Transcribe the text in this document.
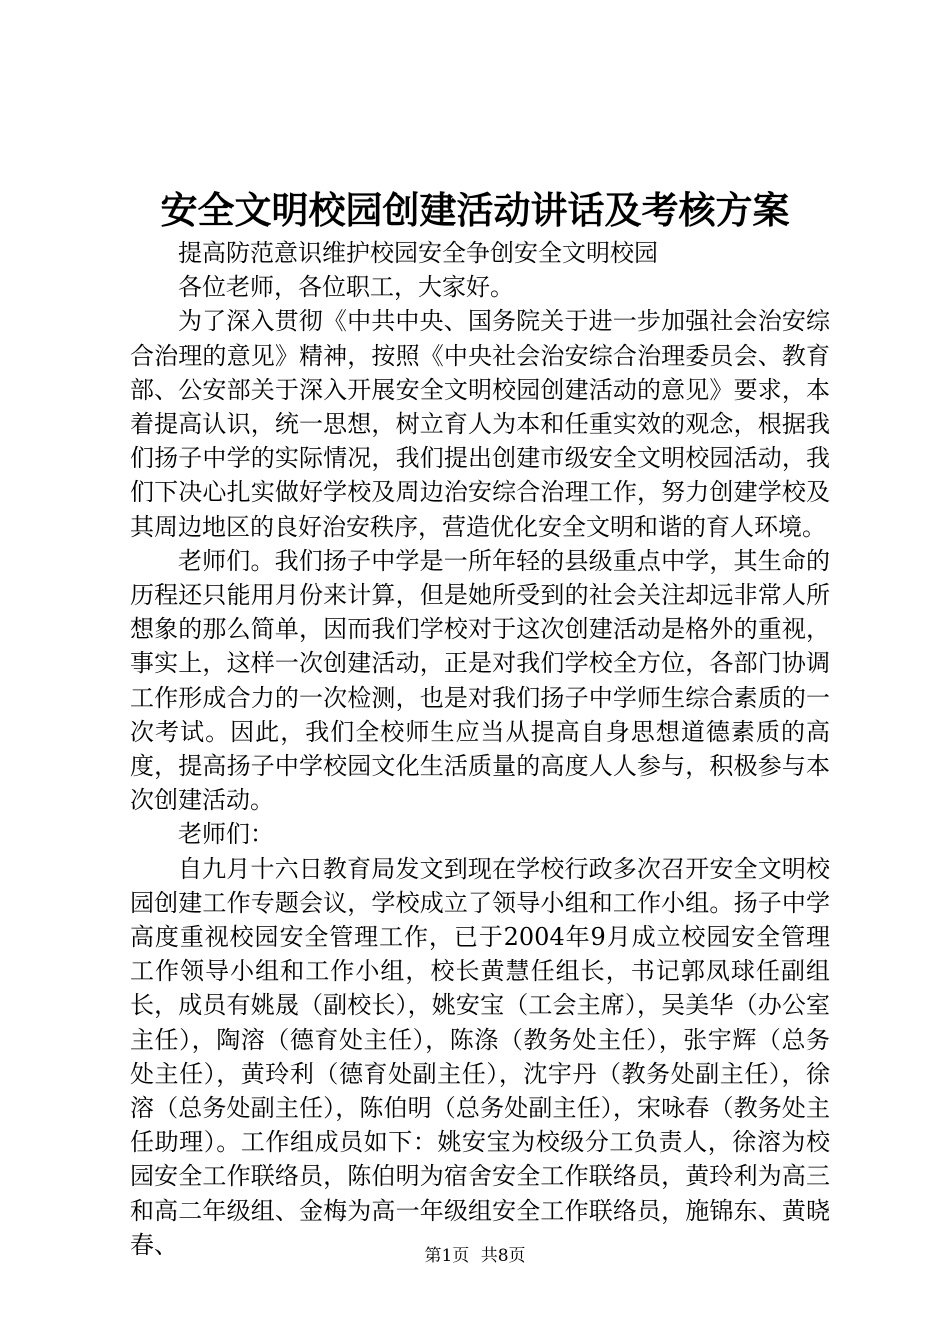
安全文明校园创建活动讲话及考核方案

提高防范意识维护校园安全争创安全文明校园

各位老师，各位职工，大家好。

为了深入贯彻《中共中央、国务院关于进一步加强社会治安综合治理的意见》精神，按照《中央社会治安综合治理委员会、教育部、公安部关于深入开展安全文明校园创建活动的意见》要求，本着提高认识，统一思想，树立育人为本和任重实效的观念，根据我们扬子中学的实际情况，我们提出创建市级安全文明校园活动，我们下决心扎实做好学校及周边治安综合治理工作，努力创建学校及其周边地区的良好治安秩序，营造优化安全文明和谐的育人环境。

老师们。我们扬子中学是一所年轻的县级重点中学，其生命的历程还只能用月份来计算，但是她所受到的社会关注却远非常人所想象的那么简单，因而我们学校对于这次创建活动是格外的重视，事实上，这样一次创建活动，正是对我们学校全方位，各部门协调工作形成合力的一次检测，也是对我们扬子中学师生综合素质的一次考试。因此，我们全校师生应当从提高自身思想道德素质的高度，提高扬子中学校园文化生活质量的高度人人参与，积极参与本次创建活动。

老师们：

自九月十六日教育局发文到现在学校行政多次召开安全文明校园创建工作专题会议，学校成立了领导小组和工作小组。扬子中学高度重视校园安全管理工作，已于2004年9月成立校园安全管理工作领导小组和工作小组，校长黄慧任组长，书记郭凤球任副组长，成员有姚晟（副校长），姚安宝（工会主席），吴美华（办公室主任），陶溶（德育处主任），陈涤（教务处主任），张宇辉（总务处主任），黄玲利（德育处副主任），沈宇丹（教务处副主任），徐溶（总务处副主任），陈伯明（总务处副主任），宋咏春（教务处主任助理）。工作组成员如下：姚安宝为校级分工负责人，徐溶为校园安全工作联络员，陈伯明为宿舍安全工作联络员，黄玲利为高三和高二年级组、金梅为高一年级组安全工作联络员，施锦东、黄晓春、	第1页 共8页
